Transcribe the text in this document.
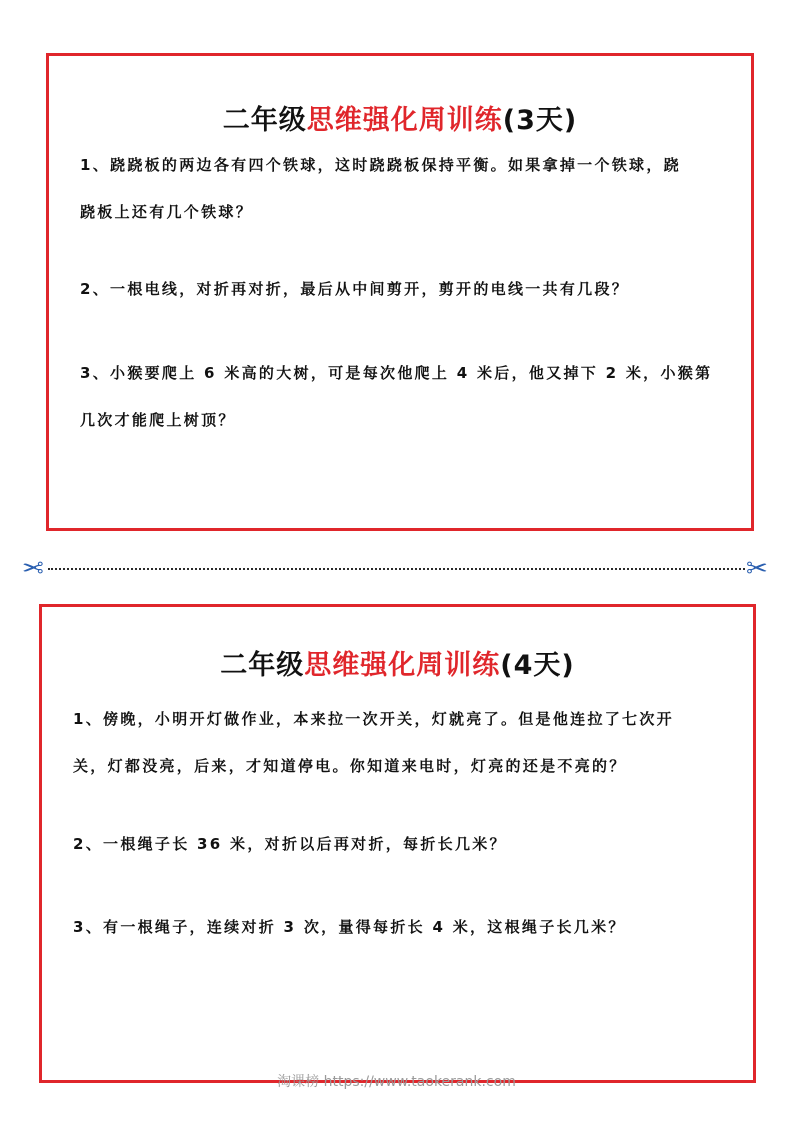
二年级思维强化周训练(3天)
1、跷跷板的两边各有四个铁球，这时跷跷板保持平衡。如果拿掉一个铁球，跷
跷板上还有几个铁球？
2、一根电线，对折再对折，最后从中间剪开，剪开的电线一共有几段？
3、小猴要爬上 6 米高的大树，可是每次他爬上 4 米后，他又掉下 2 米，小猴第
几次才能爬上树顶？
✂	✂
二年级思维强化周训练(4天)
1、傍晚，小明开灯做作业，本来拉一次开关，灯就亮了。但是他连拉了七次开
关，灯都没亮，后来，才知道停电。你知道来电时，灯亮的还是不亮的？
2、一根绳子长 36 米，对折以后再对折，每折长几米？
3、有一根绳子，连续对折 3 次，量得每折长 4 米，这根绳子长几米？
淘课榜 https://www.taokerank.com
